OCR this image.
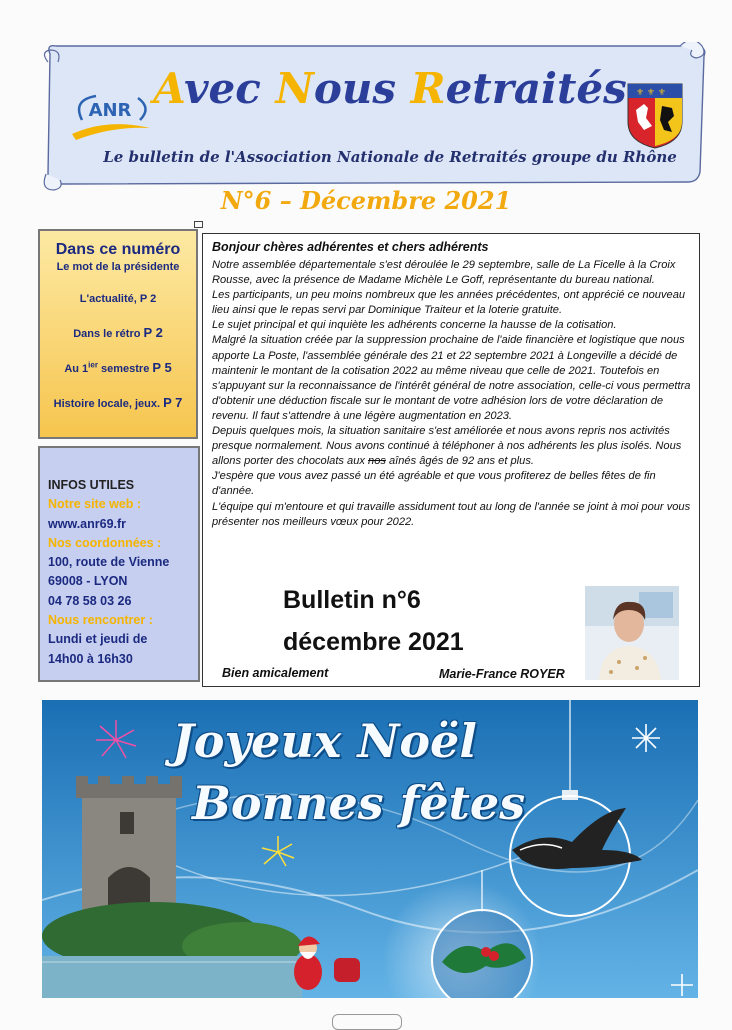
ANR Avec Nous Retraités	⚜ ⚜ ⚜
Le bulletin de l'Association Nationale de Retraités groupe du Rhône
N°6 – Décembre 2021
Dans ce numéro
Le mot de la présidente
L'actualité, P 2
Dans le rétro P 2
Au $1^{ier}$ semestre P 5
Histoire locale, jeux. P 7
INFOS UTILES
Notre site web :
www.anr69.fr
Nos coordonnées :
100, route de Vienne
69008 - LYON
04 78 58 03 26
Nous rencontrer :
Lundi et jeudi de
14h00 à 16h30
Bonjour chères adhérentes et chers adhérents

Notre assemblée départementale s'est déroulée le 29 septembre, salle de La Ficelle à la Croix Rousse, avec la présence de Madame Michèle Le Goff, représentante du bureau national.

Les participants, un peu moins nombreux que les années précédentes, ont apprécié ce nouveau lieu ainsi que le repas servi par Dominique Traiteur et la loterie gratuite.

Le sujet principal et qui inquiète les adhérents concerne la hausse de la cotisation.

Malgré la situation créée par la suppression prochaine de l'aide financière et logistique que nous apporte La Poste, l'assemblée générale des 21 et 22 septembre 2021 à Longeville a décidé de maintenir le montant de la cotisation 2022 au même niveau que celle de 2021. Toutefois en s'appuyant sur la reconnaissance de l'intérêt général de notre association, celle-ci vous permettra d'obtenir une déduction fiscale sur le montant de votre adhésion lors de votre déclaration de revenu. Il faut s'attendre à une légère augmentation en 2023.

Depuis quelques mois, la situation sanitaire s'est améliorée et nous avons repris nos activités presque normalement. Nous avons continué à téléphoner à nos adhérents les plus isolés. Nous allons porter des chocolats aux nos aînés âgés de 92 ans et plus.

J'espère que vous avez passé un été agréable et que vous profiterez de belles fêtes de fin d'année.

L'équipe qui m'entoure et qui travaille assidument tout au long de l'année se joint à moi pour vous présenter nos meilleurs vœux pour 2022.

Bulletin n°6
décembre 2021
Bien amicalement	Marie-France ROYER
Joyeux Noël
Bonnes fêtes
